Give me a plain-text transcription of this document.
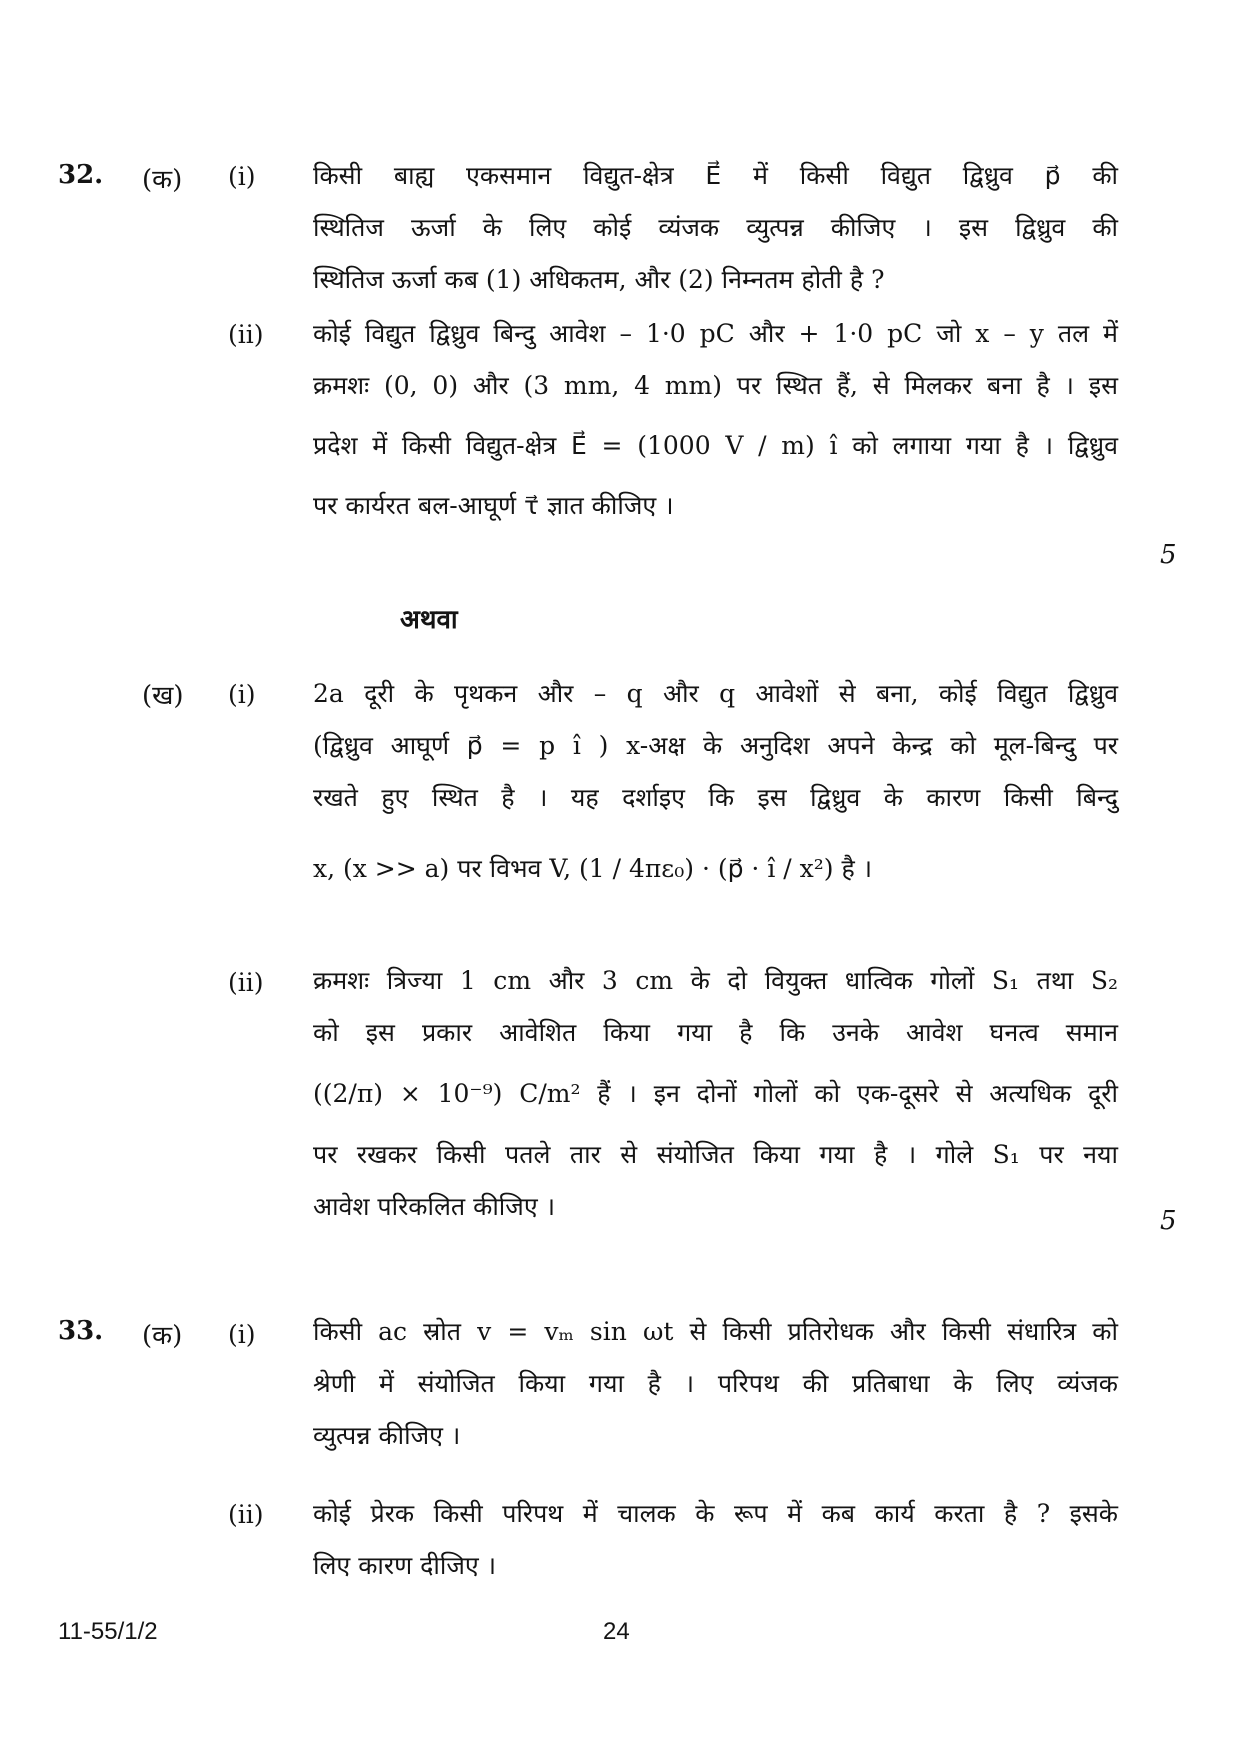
32. (क) (i) किसी बाह्य एकसमान विद्युत-क्षेत्र E⃗ में किसी विद्युत द्विध्रुव p⃗ की
स्थितिज ऊर्जा के लिए कोई व्यंजक व्युत्पन्न कीजिए । इस द्विध्रुव की
स्थितिज ऊर्जा कब (1) अधिकतम, और (2) निम्नतम होती है ?
(ii) कोई विद्युत द्विध्रुव बिन्दु आवेश – 1·0 pC और + 1·0 pC जो x – y तल में
क्रमशः (0, 0) और (3 mm, 4 mm) पर स्थित हैं, से मिलकर बना है । इस
प्रदेश में किसी विद्युत-क्षेत्र E⃗ = (1000 V / m) î को लगाया गया है । द्विध्रुव
पर कार्यरत बल-आघूर्ण τ⃗ ज्ञात कीजिए ।
5
अथवा
(ख) (i) 2a दूरी के पृथकन और – q और q आवेशों से बना, कोई विद्युत द्विध्रुव
(द्विध्रुव आघूर्ण p⃗ = p î ) x-अक्ष के अनुदिश अपने केन्द्र को मूल-बिन्दु पर
रखते हुए स्थित है । यह दर्शाइए कि इस द्विध्रुव के कारण किसी बिन्दु
x, (x >> a) पर विभव V, (1 / 4πε₀) · (p⃗ · î / x²) है ।
(ii) क्रमशः त्रिज्या 1 cm और 3 cm के दो वियुक्त धात्विक गोलों S₁ तथा S₂
को इस प्रकार आवेशित किया गया है कि उनके आवेश घनत्व समान
((2/π) × 10⁻⁹) C/m² हैं । इन दोनों गोलों को एक-दूसरे से अत्यधिक दूरी
पर रखकर किसी पतले तार से संयोजित किया गया है । गोले S₁ पर नया
आवेश परिकलित कीजिए ।	5
33. (क) (i) किसी ac स्रोत v = vₘ sin ωt से किसी प्रतिरोधक और किसी संधारित्र को
श्रेणी में संयोजित किया गया है । परिपथ की प्रतिबाधा के लिए व्यंजक
व्युत्पन्न कीजिए ।
(ii) कोई प्रेरक किसी परिपथ में चालक के रूप में कब कार्य करता है ? इसके
लिए कारण दीजिए ।
11-55/1/2	24
